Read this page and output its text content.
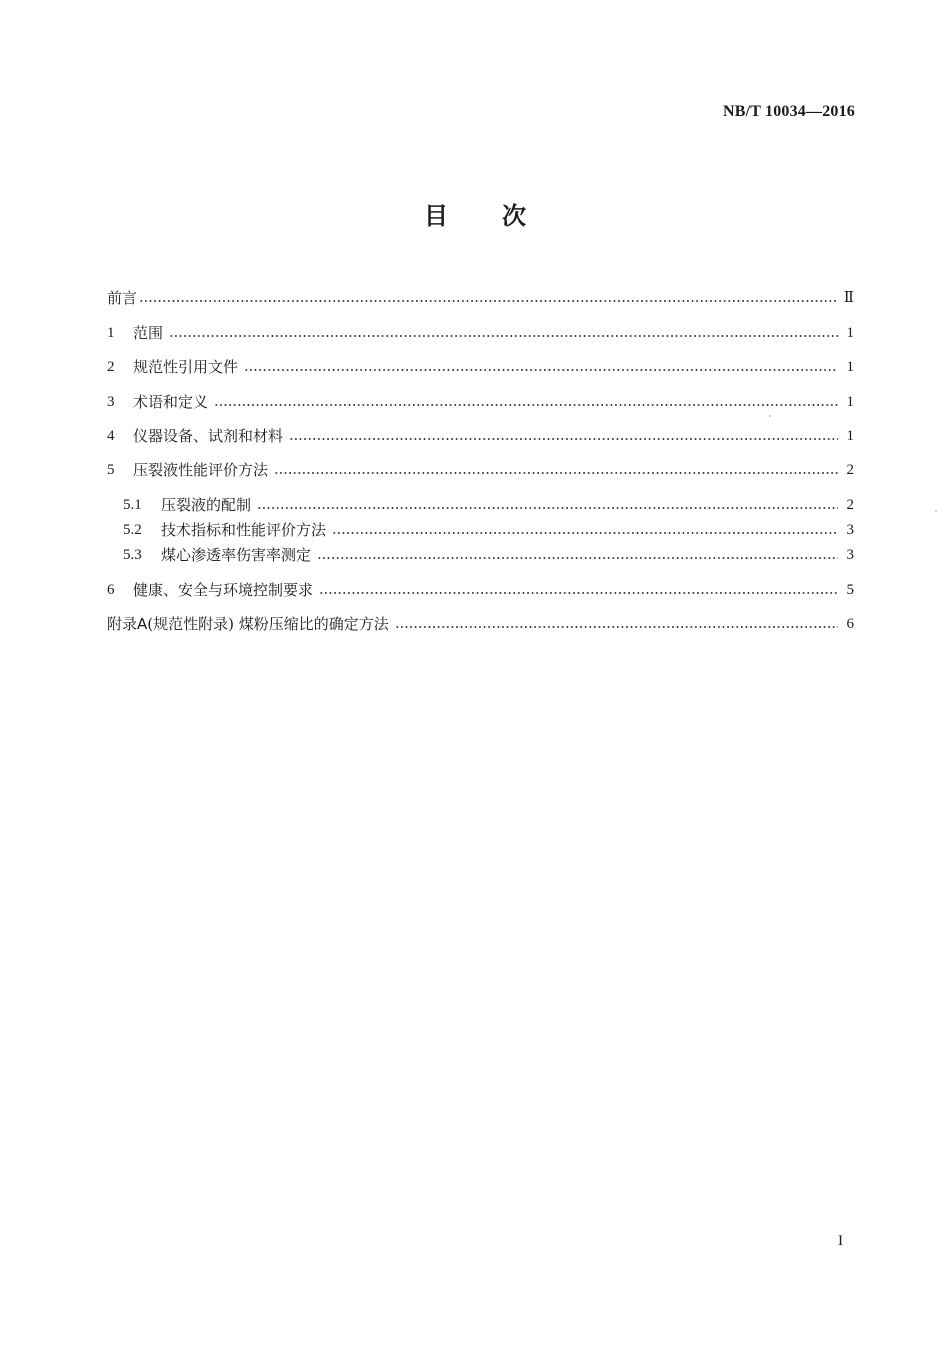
NB/T 10034—2016
目次
前言	Ⅱ
1	范围	1
2	规范性引用文件	1
3	术语和定义	1
4	仪器设备、试剂和材料	1
5	压裂液性能评价方法	2
5.1	压裂液的配制	2
5.2	技术指标和性能评价方法	3
5.3	煤心渗透率伤害率测定	3
6	健康、安全与环境控制要求	5
附录A (规范性附录) 煤粉压缩比的确定方法	6
I
